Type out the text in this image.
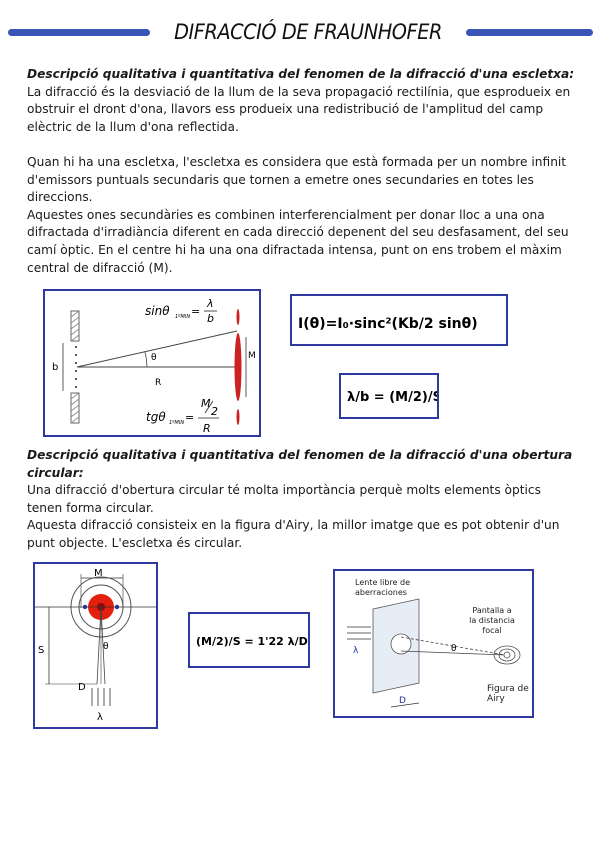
DIFRACCIÓ DE FRAUNHOFER

Descripció qualitativa i quantitativa del fenomen de la difracció d'una escletxa:

La difracció és la desviació de la llum de la seva propagació rectilínia, que esprodueix en obstruir el dront d'ona, llavors ess produeix una redistribució de l'amplitud del camp elèctric de la llum d'ona reflectida.

Quan hi ha una escletxa, l'escletxa es considera que està formada per un nombre infinit d'emissors puntuals secundaris que tornen a emetre ones secundaries en totes les direccions.

Aquestes ones secundàries es combinen interferencialment per donar lloc a una ona difractada d'irradiància diferent en cada direcció depenent del seu desfasament, del seu camí òptic. En el centre hi ha una ona difractada intensa, punt on ens trobem el màxim central de difracció (M).

b
θ
R
M
sinθ 1ºMIN =
λ
b
tgθ 1ºMIN =
M
2
R
I(θ)=I₀·sinc²(Kb/2 sinθ)
λ/b = (M/2)/S

Descripció qualitativa i quantitativa del fenomen de la difracció d'una obertura circular:

Una difracció d'obertura circular té molta importància perquè molts elements òptics tenen forma circular.

Aquesta difracció consisteix en la figura d'Airy, la millor imatge que es pot obtenir d'un punt objecte. L'escletxa és circular.

M
θ
S
D
λ
(M/2)/S = 1'22 λ/D
Lente libre de aberraciones
Pantalla a la distancia focal
λ	θ
D
Figura de Airy
